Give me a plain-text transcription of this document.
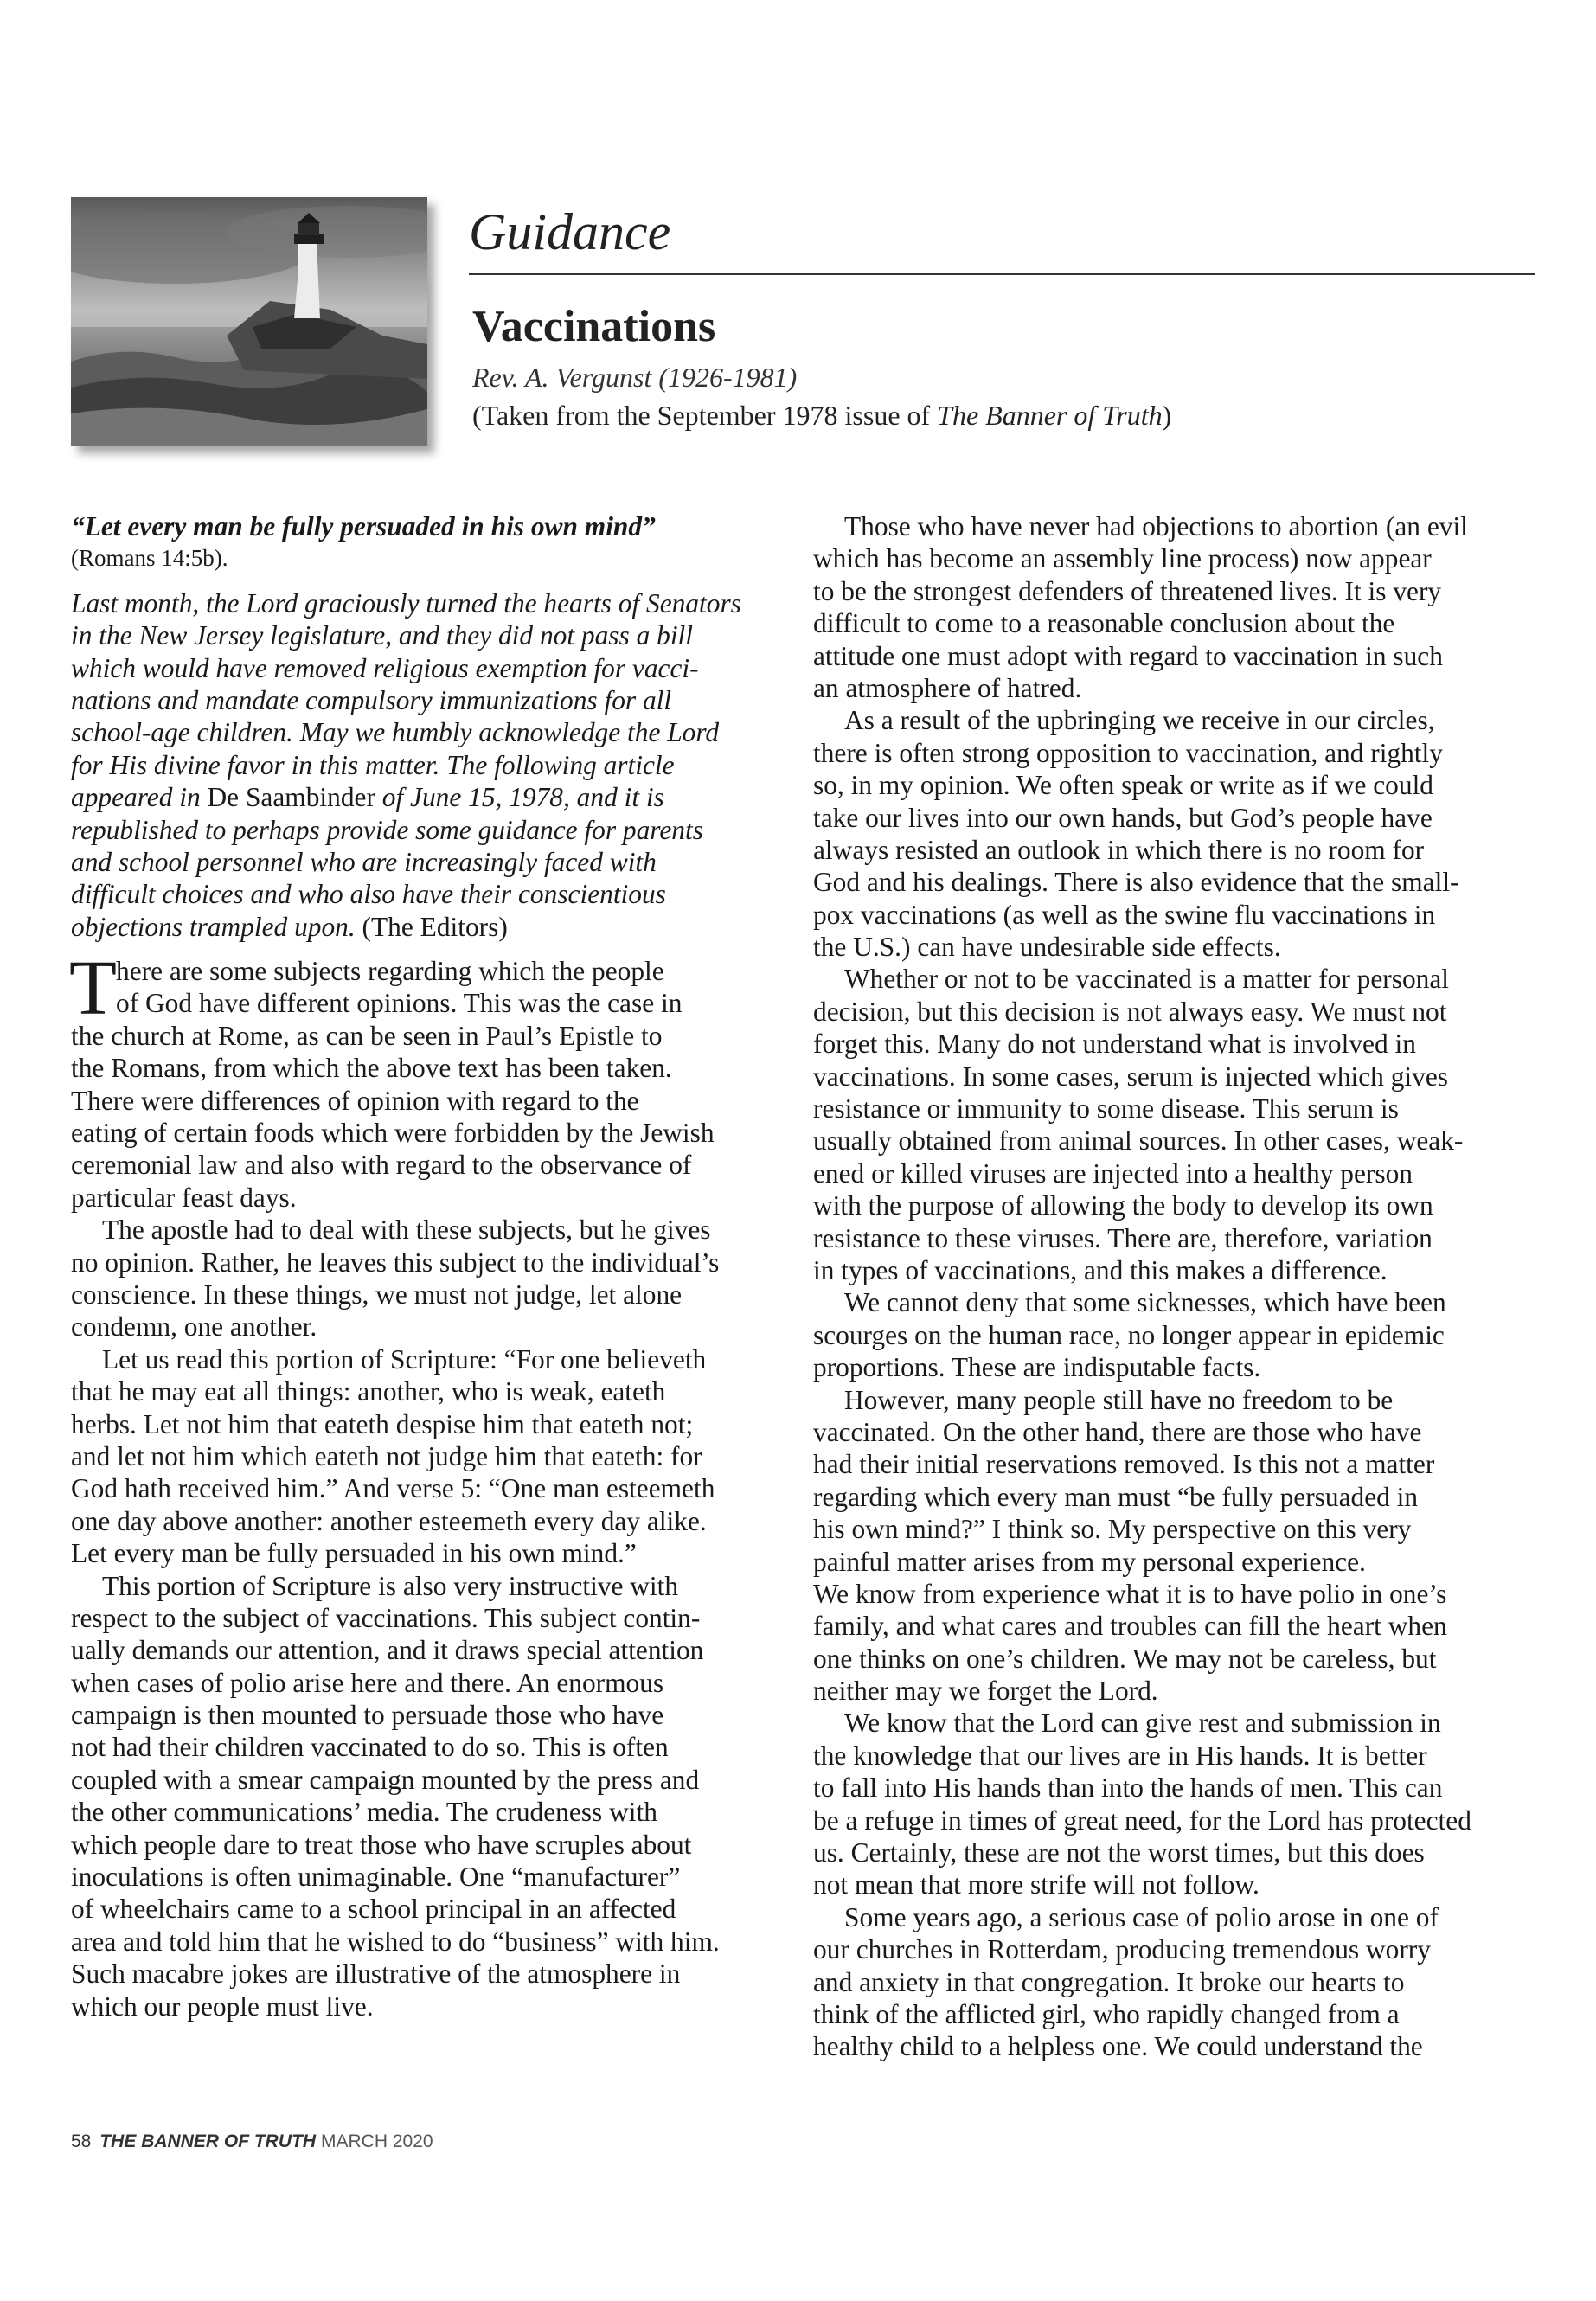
Guidance
Vaccinations
Rev. A. Vergunst (1926-1981)
(Taken from the September 1978 issue of The Banner of Truth)
“Let every man be fully persuaded in his own mind”
(Romans 14:5b).
Last month, the Lord graciously turned the hearts of Senators
in the New Jersey legislature, and they did not pass a bill
which would have removed religious exemption for vacci-
nations and mandate compulsory immunizations for all
school-age children. May we humbly acknowledge the Lord
for His divine favor in this matter. The following article
appeared in De Saambinder of June 15, 1978, and it is
republished to perhaps provide some guidance for parents
and school personnel who are increasingly faced with
difficult choices and who also have their conscientious
objections trampled upon. (The Editors)
T here are some subjects regarding which the people
of God have different opinions. This was the case in
the church at Rome, as can be seen in Paul’s Epistle to
the Romans, from which the above text has been taken.
There were differences of opinion with regard to the
eating of certain foods which were forbidden by the Jewish
ceremonial law and also with regard to the observance of
particular feast days.
The apostle had to deal with these subjects, but he gives
no opinion. Rather, he leaves this subject to the individual’s
conscience. In these things, we must not judge, let alone
condemn, one another.
Let us read this portion of Scripture: “For one believeth
that he may eat all things: another, who is weak, eateth
herbs. Let not him that eateth despise him that eateth not;
and let not him which eateth not judge him that eateth: for
God hath received him.” And verse 5: “One man esteemeth
one day above another: another esteemeth every day alike.
Let every man be fully persuaded in his own mind.”
This portion of Scripture is also very instructive with
respect to the subject of vaccinations. This subject contin-
ually demands our attention, and it draws special attention
when cases of polio arise here and there. An enormous
campaign is then mounted to persuade those who have
not had their children vaccinated to do so. This is often
coupled with a smear campaign mounted by the press and
the other communications’ media. The crudeness with
which people dare to treat those who have scruples about
inoculations is often unimaginable. One “manufacturer”
of wheelchairs came to a school principal in an affected
area and told him that he wished to do “business” with him.
Such macabre jokes are illustrative of the atmosphere in
which our people must live.
Those who have never had objections to abortion (an evil
which has become an assembly line process) now appear
to be the strongest defenders of threatened lives. It is very
difficult to come to a reasonable conclusion about the
attitude one must adopt with regard to vaccination in such
an atmosphere of hatred.
As a result of the upbringing we receive in our circles,
there is often strong opposition to vaccination, and rightly
so, in my opinion. We often speak or write as if we could
take our lives into our own hands, but God’s people have
always resisted an outlook in which there is no room for
God and his dealings. There is also evidence that the small-
pox vaccinations (as well as the swine flu vaccinations in
the U.S.) can have undesirable side effects.
Whether or not to be vaccinated is a matter for personal
decision, but this decision is not always easy. We must not
forget this. Many do not understand what is involved in
vaccinations. In some cases, serum is injected which gives
resistance or immunity to some disease. This serum is
usually obtained from animal sources. In other cases, weak-
ened or killed viruses are injected into a healthy person
with the purpose of allowing the body to develop its own
resistance to these viruses. There are, therefore, variation
in types of vaccinations, and this makes a difference.
We cannot deny that some sicknesses, which have been
scourges on the human race, no longer appear in epidemic
proportions. These are indisputable facts.
However, many people still have no freedom to be
vaccinated. On the other hand, there are those who have
had their initial reservations removed. Is this not a matter
regarding which every man must “be fully persuaded in
his own mind?” I think so. My perspective on this very
painful matter arises from my personal experience.
We know from experience what it is to have polio in one’s
family, and what cares and troubles can fill the heart when
one thinks on one’s children. We may not be careless, but
neither may we forget the Lord.
We know that the Lord can give rest and submission in
the knowledge that our lives are in His hands. It is better
to fall into His hands than into the hands of men. This can
be a refuge in times of great need, for the Lord has protected
us. Certainly, these are not the worst times, but this does
not mean that more strife will not follow.
Some years ago, a serious case of polio arose in one of
our churches in Rotterdam, producing tremendous worry
and anxiety in that congregation. It broke our hearts to
think of the afflicted girl, who rapidly changed from a
healthy child to a helpless one. We could understand the
58 THE BANNER OF TRUTH MARCH 2020
